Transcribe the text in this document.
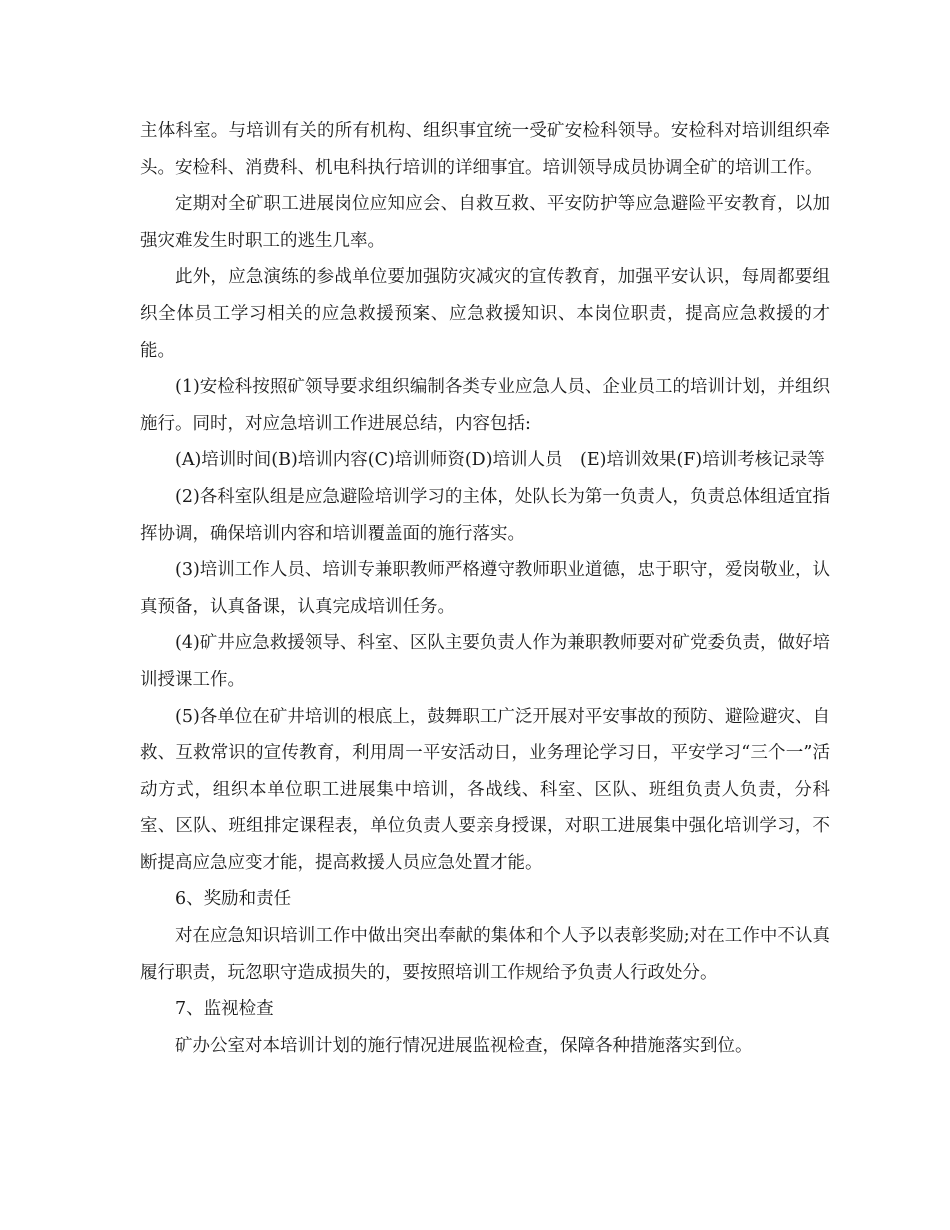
主体科室。与培训有关的所有机构、组织事宜统一受矿安检科领导。安检科对培训组织牵头。安检科、消费科、机电科执行培训的详细事宜。培训领导成员协调全矿的培训工作。

定期对全矿职工进展岗位应知应会、自救互救、平安防护等应急避险平安教育，以加强灾难发生时职工的逃生几率。

此外，应急演练的参战单位要加强防灾减灾的宣传教育，加强平安认识，每周都要组织全体员工学习相关的应急救援预案、应急救援知识、本岗位职责，提高应急救援的才能。

(1)安检科按照矿领导要求组织编制各类专业应急人员、企业员工的培训计划，并组织施行。同时，对应急培训工作进展总结，内容包括:

(A)培训时间(B)培训内容(C)培训师资(D)培训人员　(E)培训效果(F)培训考核记录等

(2)各科室队组是应急避险培训学习的主体，处队长为第一负责人，负责总体组适宜指挥协调，确保培训内容和培训覆盖面的施行落实。

(3)培训工作人员、培训专兼职教师严格遵守教师职业道德，忠于职守，爱岗敬业，认真预备，认真备课，认真完成培训任务。

(4)矿井应急救援领导、科室、区队主要负责人作为兼职教师要对矿党委负责，做好培训授课工作。

(5)各单位在矿井培训的根底上，鼓舞职工广泛开展对平安事故的预防、避险避灾、自救、互救常识的宣传教育，利用周一平安活动日，业务理论学习日，平安学习“三个一”活动方式，组织本单位职工进展集中培训，各战线、科室、区队、班组负责人负责，分科室、区队、班组排定课程表，单位负责人要亲身授课，对职工进展集中强化培训学习，不断提高应急应变才能，提高救援人员应急处置才能。

6、奖励和责任

对在应急知识培训工作中做出突出奉献的集体和个人予以表彰奖励;对在工作中不认真履行职责，玩忽职守造成损失的，要按照培训工作规给予负责人行政处分。

7、监视检查

矿办公室对本培训计划的施行情况进展监视检查，保障各种措施落实到位。
